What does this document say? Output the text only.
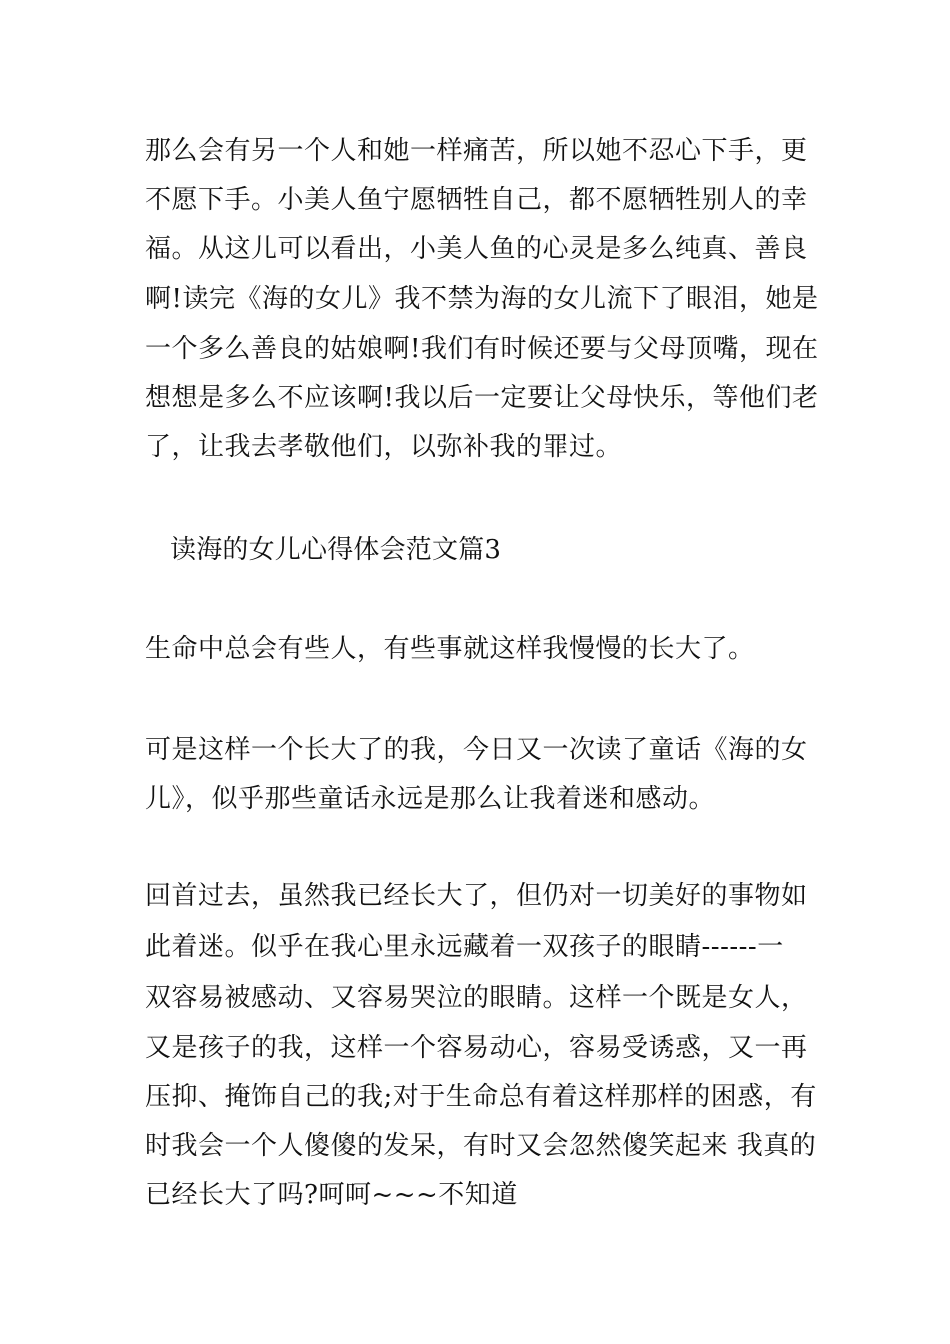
那么会有另一个人和她一样痛苦，所以她不忍心下手，更

不愿下手。小美人鱼宁愿牺牲自己，都不愿牺牲别人的幸

福。从这儿可以看出，小美人鱼的心灵是多么纯真、善良

啊!读完《海的女儿》我不禁为海的女儿流下了眼泪，她是

一个多么善良的姑娘啊!我们有时候还要与父母顶嘴，现在

想想是多么不应该啊!我以后一定要让父母快乐，等他们老

了，让我去孝敬他们，以弥补我的罪过。

读海的女儿心得体会范文篇3

生命中总会有些人，有些事就这样我慢慢的长大了。

可是这样一个长大了的我，今日又一次读了童话《海的女

儿》，似乎那些童话永远是那么让我着迷和感动。

回首过去，虽然我已经长大了，但仍对一切美好的事物如

此着迷。似乎在我心里永远藏着一双孩子的眼睛------一

双容易被感动、又容易哭泣的眼睛。这样一个既是女人，

又是孩子的我，这样一个容易动心，容易受诱惑，又一再

压抑、掩饰自己的我;对于生命总有着这样那样的困惑，有

时我会一个人傻傻的发呆，有时又会忽然傻笑起来 我真的

已经长大了吗?呵呵~~~不知道
